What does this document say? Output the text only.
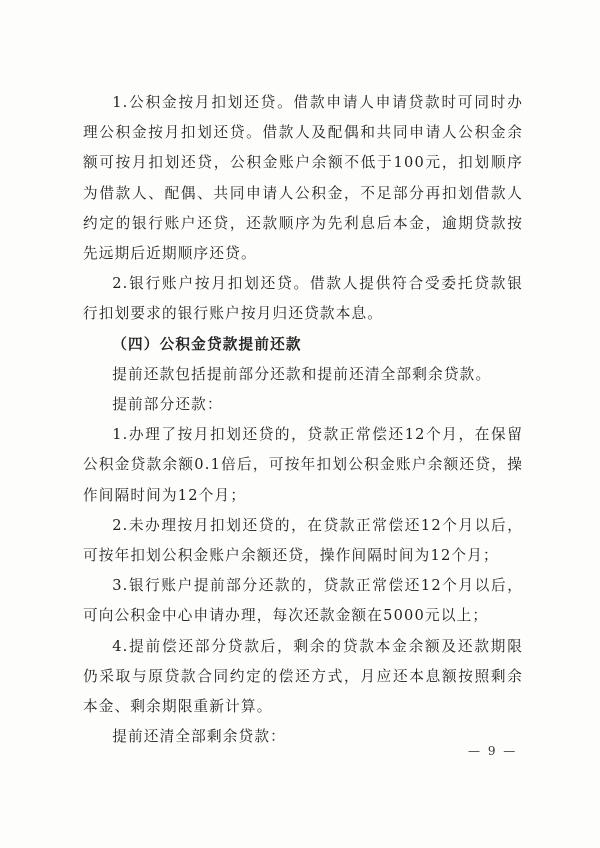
1.公积金按月扣划还贷。借款申请人申请贷款时可同时办理公积金按月扣划还贷。借款人及配偶和共同申请人公积金余额可按月扣划还贷，公积金账户余额不低于100元，扣划顺序为借款人、配偶、共同申请人公积金，不足部分再扣划借款人约定的银行账户还贷，还款顺序为先利息后本金，逾期贷款按先远期后近期顺序还贷。

2.银行账户按月扣划还贷。借款人提供符合受委托贷款银行扣划要求的银行账户按月归还贷款本息。

（四）公积金贷款提前还款

提前还款包括提前部分还款和提前还清全部剩余贷款。

提前部分还款：

1.办理了按月扣划还贷的，贷款正常偿还12个月，在保留公积金贷款余额0.1倍后，可按年扣划公积金账户余额还贷，操作间隔时间为12个月；

2.未办理按月扣划还贷的，在贷款正常偿还12个月以后，可按年扣划公积金账户余额还贷，操作间隔时间为12个月；

3.银行账户提前部分还款的，贷款正常偿还12个月以后，可向公积金中心申请办理，每次还款金额在5000元以上；

4.提前偿还部分贷款后，剩余的贷款本金余额及还款期限仍采取与原贷款合同约定的偿还方式，月应还本息额按照剩余本金、剩余期限重新计算。

提前还清全部剩余贷款：

— 9 —
